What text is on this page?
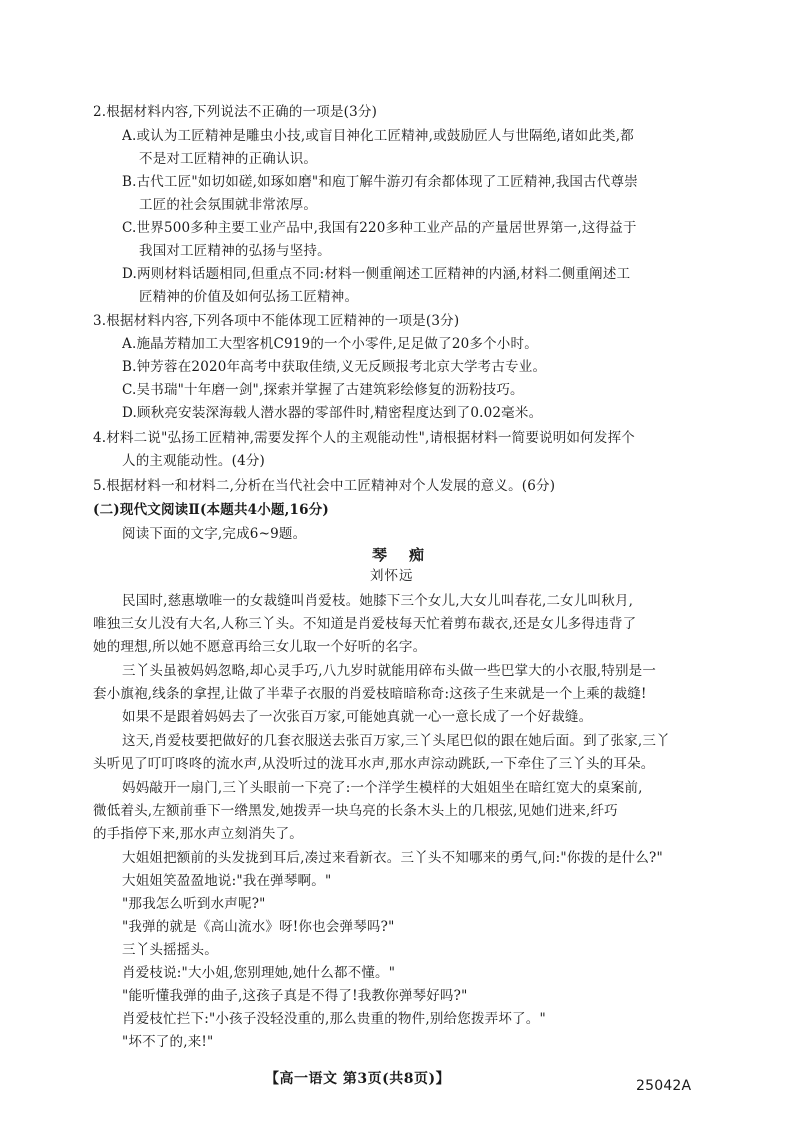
2.根据材料内容,下列说法不正确的一项是(3分)
A.或认为工匠精神是雕虫小技,或盲目神化工匠精神,或鼓励匠人与世隔绝,诸如此类,都
不是对工匠精神的正确认识。
B.古代工匠"如切如磋,如琢如磨"和庖丁解牛游刃有余都体现了工匠精神,我国古代尊崇
工匠的社会氛围就非常浓厚。
C.世界500多种主要工业产品中,我国有220多种工业产品的产量居世界第一,这得益于
我国对工匠精神的弘扬与坚持。
D.两则材料话题相同,但重点不同:材料一侧重阐述工匠精神的内涵,材料二侧重阐述工
匠精神的价值及如何弘扬工匠精神。
3.根据材料内容,下列各项中不能体现工匠精神的一项是(3分)
A.施晶芳精加工大型客机C919的一个小零件,足足做了20多个小时。
B.钟芳蓉在2020年高考中获取佳绩,义无反顾报考北京大学考古专业。
C.吴书瑞"十年磨一剑",探索并掌握了古建筑彩绘修复的沥粉技巧。
D.顾秋亮安装深海载人潜水器的零部件时,精密程度达到了0.02毫米。
4.材料二说"弘扬工匠精神,需要发挥个人的主观能动性",请根据材料一简要说明如何发挥个
人的主观能动性。(4分)
5.根据材料一和材料二,分析在当代社会中工匠精神对个人发展的意义。(6分)
(二)现代文阅读Ⅱ(本题共4小题,16分)
阅读下面的文字,完成6~9题。
琴痴
刘怀远
民国时,慈惠墩唯一的女裁缝叫肖爱枝。她膝下三个女儿,大女儿叫春花,二女儿叫秋月,
唯独三女儿没有大名,人称三丫头。不知道是肖爱枝每天忙着剪布裁衣,还是女儿多得违背了
她的理想,所以她不愿意再给三女儿取一个好听的名字。
三丫头虽被妈妈忽略,却心灵手巧,八九岁时就能用碎布头做一些巴掌大的小衣服,特别是一
套小旗袍,线条的拿捏,让做了半辈子衣服的肖爱枝暗暗称奇:这孩子生来就是一个上乘的裁缝!
如果不是跟着妈妈去了一次张百万家,可能她真就一心一意长成了一个好裁缝。
这天,肖爱枝要把做好的几套衣服送去张百万家,三丫头尾巴似的跟在她后面。到了张家,三丫
头听见了叮叮咚咚的流水声,从没听过的泷耳水声,那水声淙动跳跃,一下牵住了三丫头的耳朵。
妈妈敲开一扇门,三丫头眼前一下亮了:一个洋学生模样的大姐姐坐在暗红宽大的桌案前,
微低着头,左额前垂下一绺黑发,她拨弄一块乌亮的长条木头上的几根弦,见她们进来,纤巧
的手指停下来,那水声立刻消失了。
大姐姐把额前的头发拢到耳后,凑过来看新衣。三丫头不知哪来的勇气,问:"你拨的是什么?"
大姐姐笑盈盈地说:"我在弹琴啊。"
"那我怎么听到水声呢?"
"我弹的就是《高山流水》呀!你也会弹琴吗?"
三丫头摇摇头。
肖爱枝说:"大小姐,您别理她,她什么都不懂。"
"能听懂我弹的曲子,这孩子真是不得了!我教你弹琴好吗?"
肖爱枝忙拦下:"小孩子没轻没重的,那么贵重的物件,别给您拨弄坏了。"
"坏不了的,来!"
【高一语文 第3页(共8页)】	25042A
